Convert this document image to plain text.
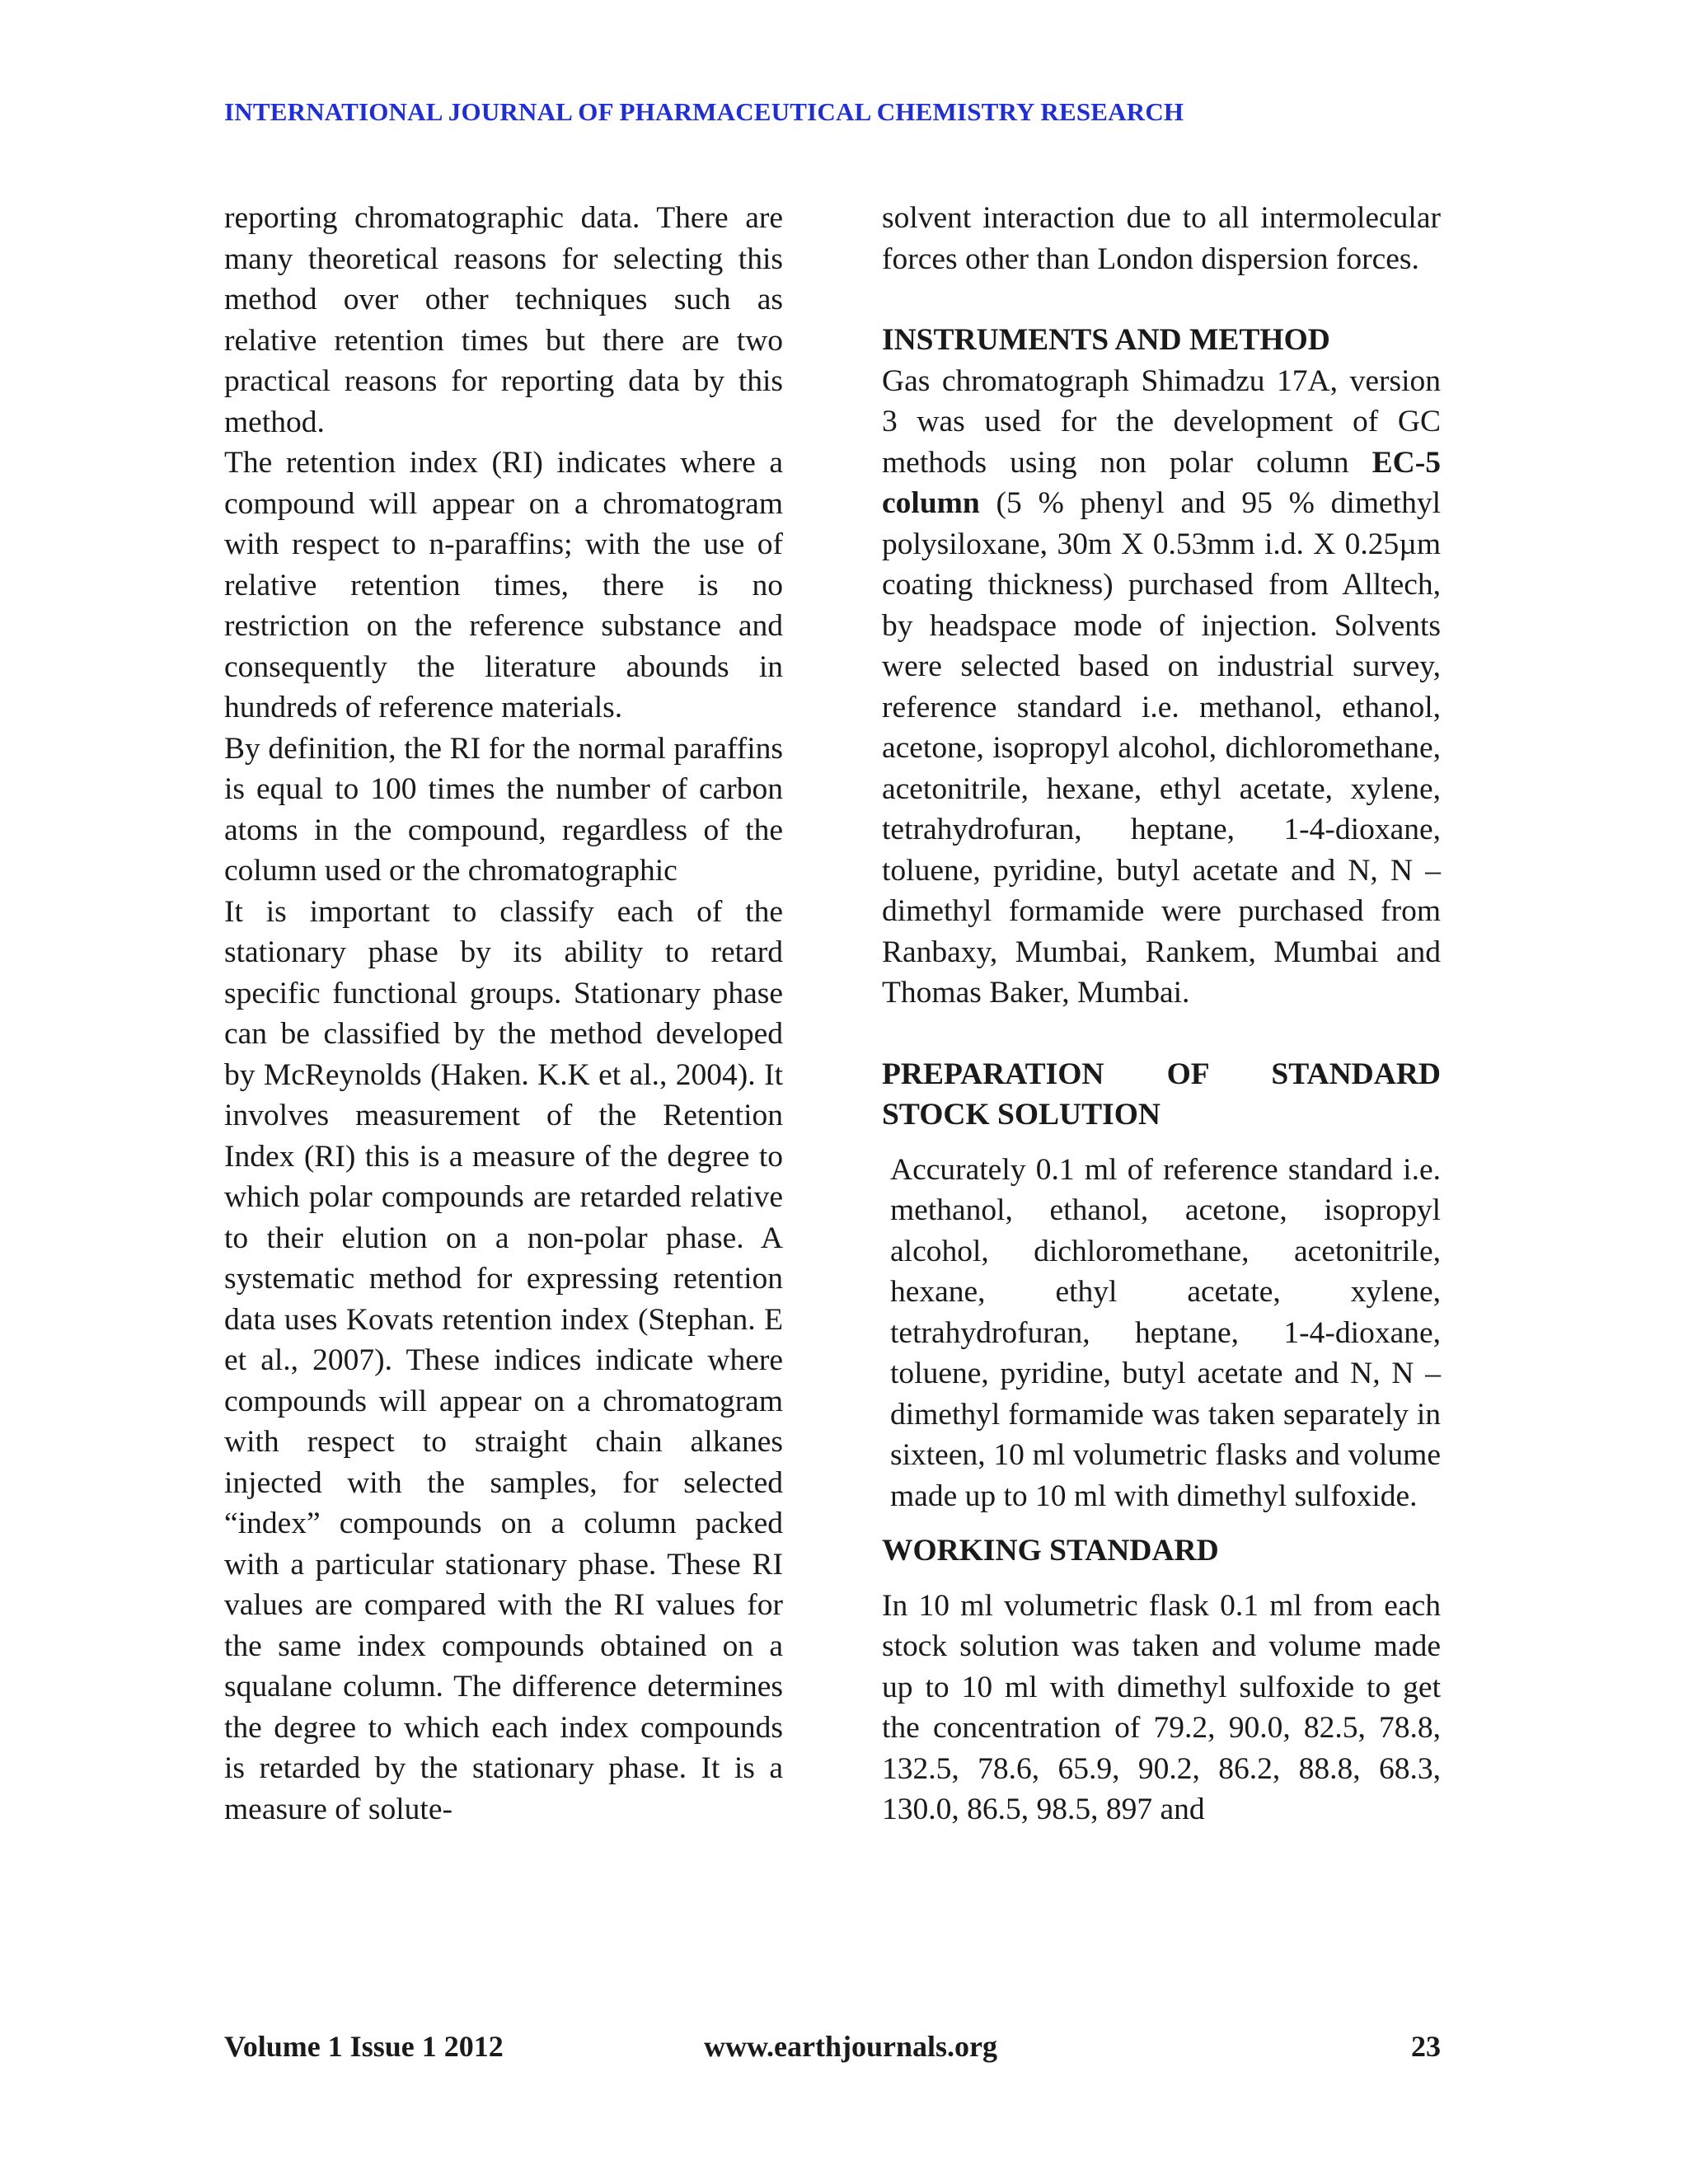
INTERNATIONAL JOURNAL OF PHARMACEUTICAL CHEMISTRY RESEARCH

reporting chromatographic data. There are many theoretical reasons for selecting this method over other techniques such as relative retention times but there are two practical reasons for reporting data by this method.

The retention index (RI) indicates where a compound will appear on a chromatogram with respect to n-paraffins; with the use of relative retention times, there is no restriction on the reference substance and consequently the literature abounds in hundreds of reference materials.

By definition, the RI for the normal paraffins is equal to 100 times the number of carbon atoms in the compound, regardless of the column used or the chromatographic

It is important to classify each of the stationary phase by its ability to retard specific functional groups. Stationary phase can be classified by the method developed by McReynolds (Haken. K.K et al., 2004). It involves measurement of the Retention Index (RI) this is a measure of the degree to which polar compounds are retarded relative to their elution on a non-polar phase. A systematic method for expressing retention data uses Kovats retention index (Stephan. E et al., 2007). These indices indicate where compounds will appear on a chromatogram with respect to straight chain alkanes injected with the samples, for selected “index” compounds on a column packed with a particular stationary phase. These RI values are compared with the RI values for the same index compounds obtained on a squalane column. The difference determines the degree to which each index compounds is retarded by the stationary phase. It is a measure of solute-

solvent interaction due to all intermolecular forces other than London dispersion forces.

INSTRUMENTS AND METHOD

Gas chromatograph Shimadzu 17A, version 3 was used for the development of GC methods using non polar column EC-5 column (5 % phenyl and 95 % dimethyl polysiloxane, 30m X 0.53mm i.d. X 0.25µm coating thickness) purchased from Alltech, by headspace mode of injection. Solvents were selected based on industrial survey, reference standard i.e. methanol, ethanol, acetone, isopropyl alcohol, dichloromethane, acetonitrile, hexane, ethyl acetate, xylene, tetrahydrofuran, heptane, 1-4-dioxane, toluene, pyridine, butyl acetate and N, N –dimethyl formamide were purchased from Ranbaxy, Mumbai, Rankem, Mumbai and Thomas Baker, Mumbai.

PREPARATION OF STANDARD STOCK SOLUTION

Accurately 0.1 ml of reference standard i.e. methanol, ethanol, acetone, isopropyl alcohol, dichloromethane, acetonitrile, hexane, ethyl acetate, xylene, tetrahydrofuran, heptane, 1-4-dioxane, toluene, pyridine, butyl acetate and N, N –dimethyl formamide was taken separately in sixteen, 10 ml volumetric flasks and volume made up to 10 ml with dimethyl sulfoxide.

WORKING STANDARD

In 10 ml volumetric flask 0.1 ml from each stock solution was taken and volume made up to 10 ml with dimethyl sulfoxide to get the concentration of 79.2, 90.0, 82.5, 78.8, 132.5, 78.6, 65.9, 90.2, 86.2, 88.8, 68.3, 130.0, 86.5, 98.5, 897 and

Volume 1 Issue 1 2012	www.earthjournals.org	23
